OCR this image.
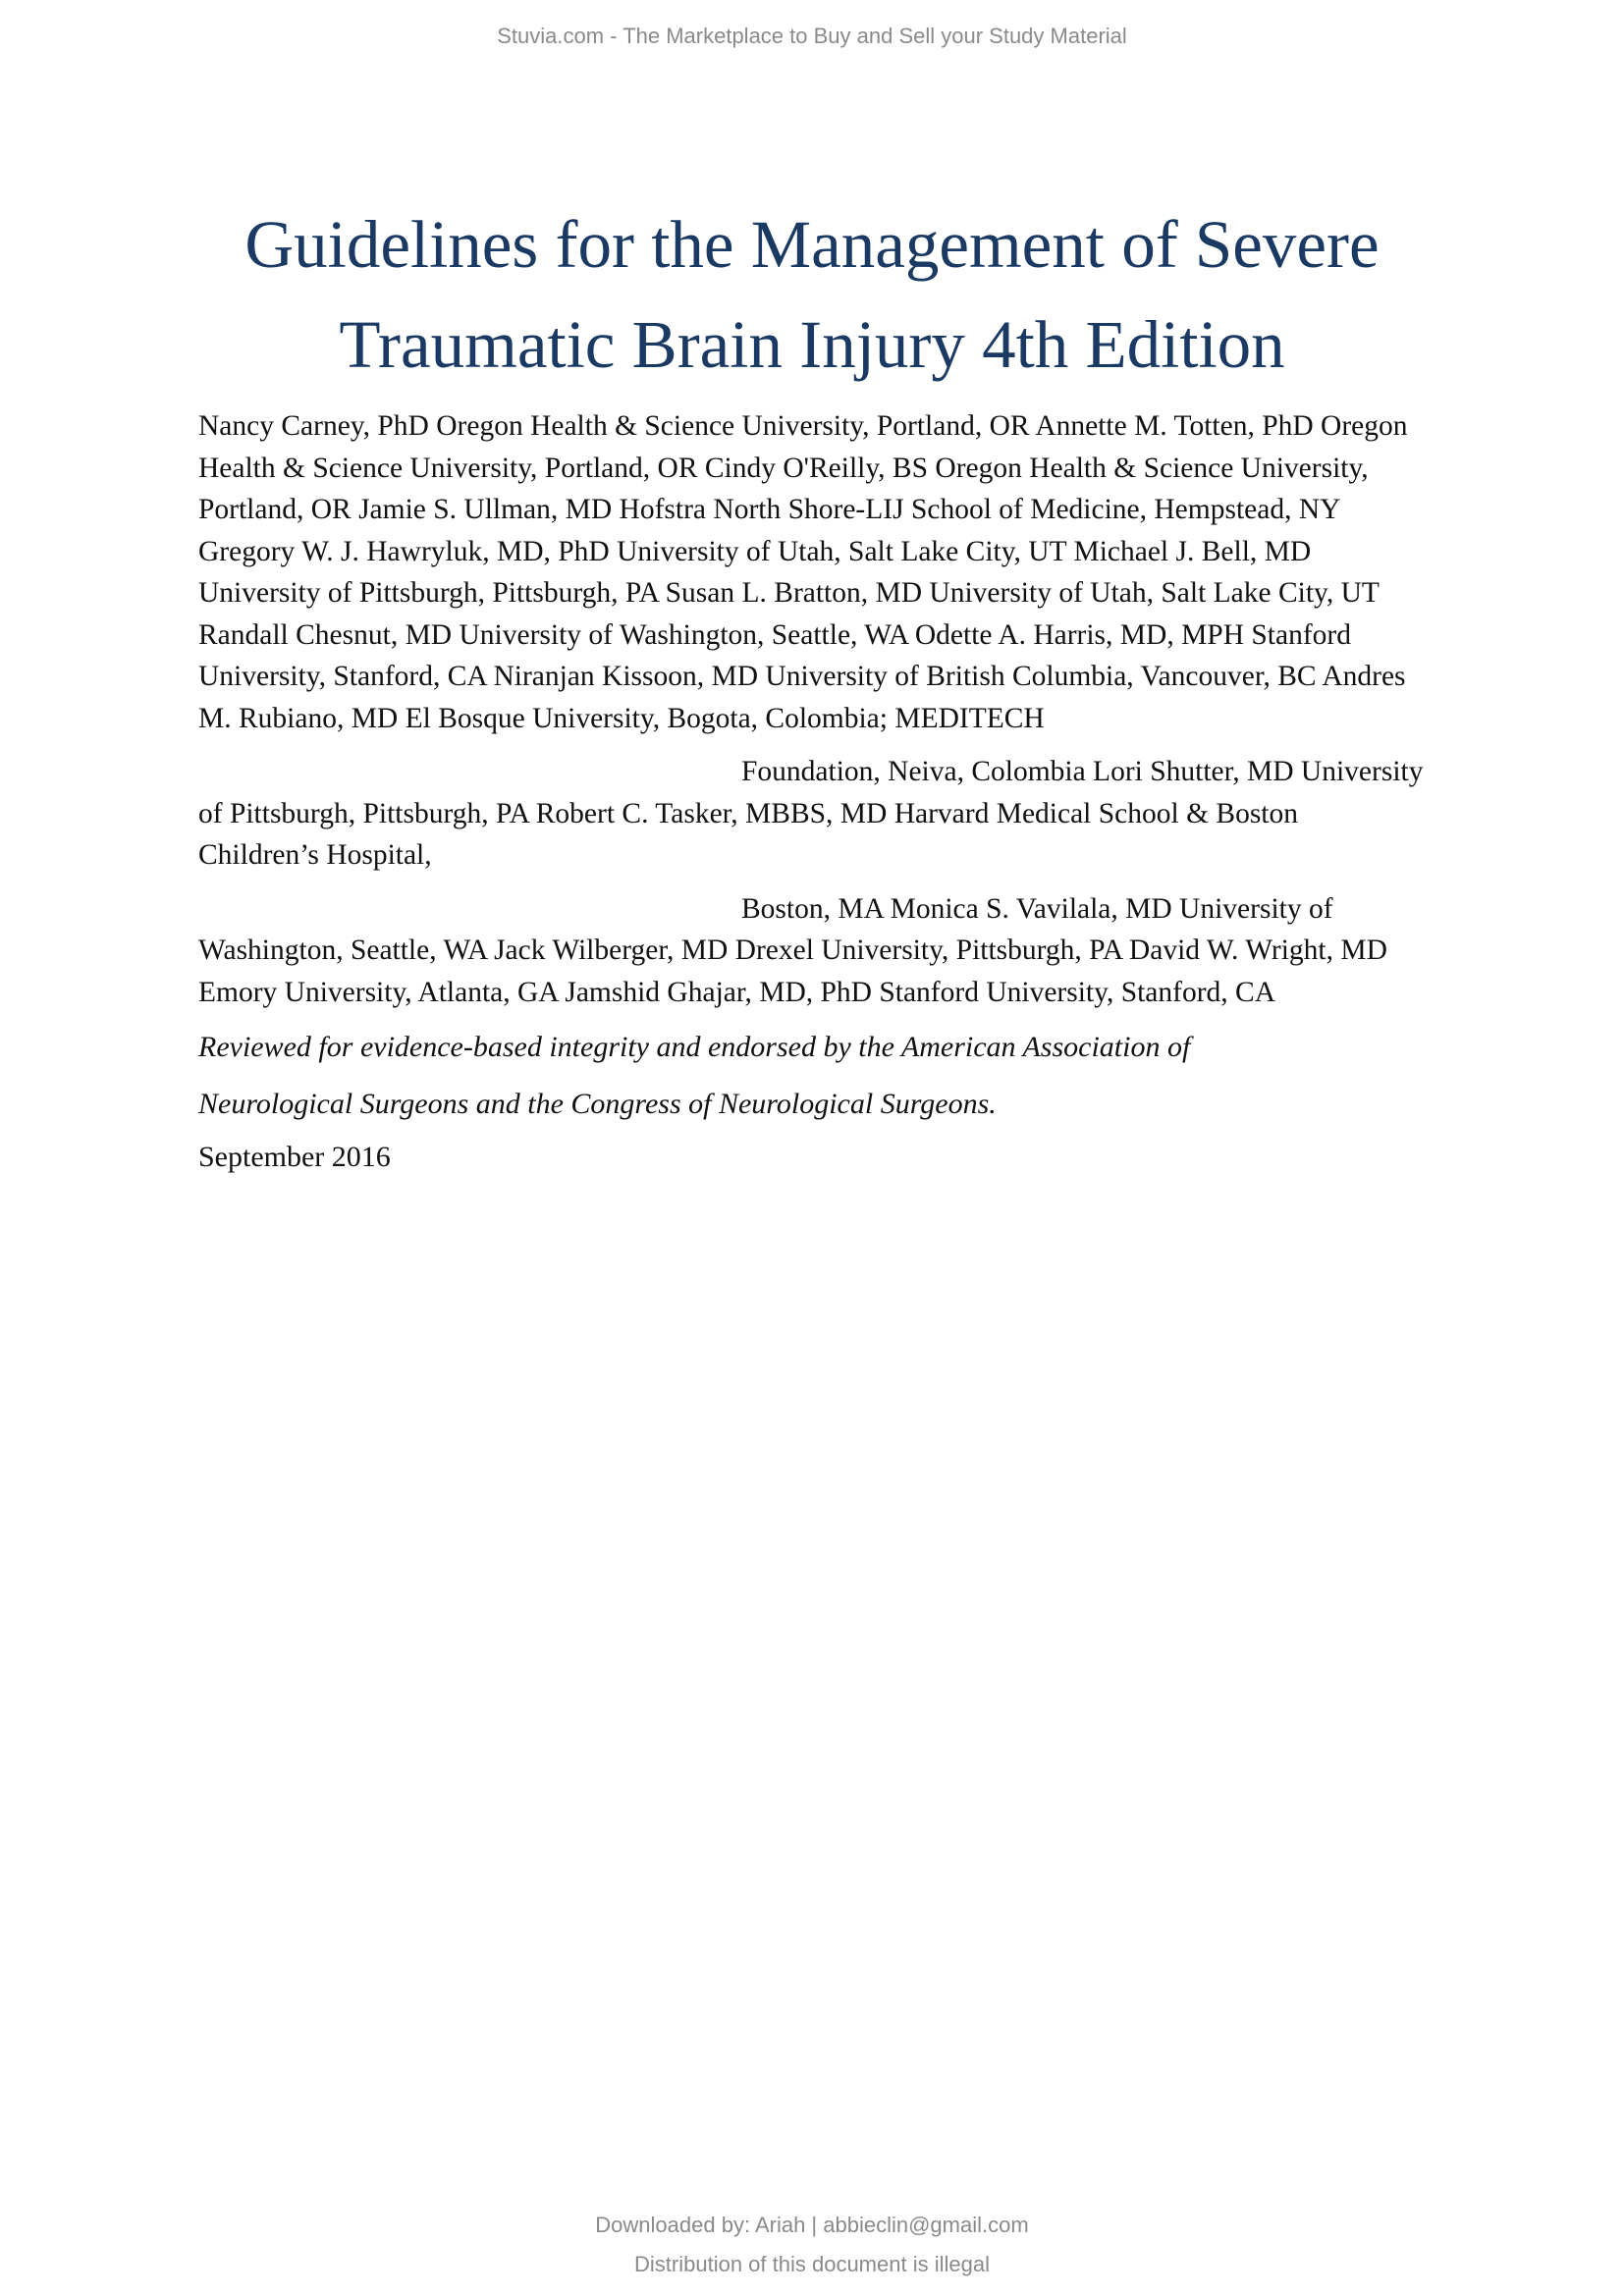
Stuvia.com - The Marketplace to Buy and Sell your Study Material
Guidelines for the Management of Severe
Traumatic Brain Injury 4th Edition
Nancy Carney, PhD Oregon Health & Science University, Portland, OR Annette M. Totten, PhD Oregon
Health & Science University, Portland, OR Cindy O'Reilly, BS Oregon Health & Science University,
Portland, OR Jamie S. Ullman, MD Hofstra North Shore-LIJ School of Medicine, Hempstead, NY
Gregory W. J. Hawryluk, MD, PhD University of Utah, Salt Lake City, UT Michael J. Bell, MD
University of Pittsburgh, Pittsburgh, PA Susan L. Bratton, MD University of Utah, Salt Lake City, UT
Randall Chesnut, MD University of Washington, Seattle, WA Odette A. Harris, MD, MPH Stanford
University, Stanford, CA Niranjan Kissoon, MD University of British Columbia, Vancouver, BC Andres
M. Rubiano, MD El Bosque University, Bogota, Colombia; MEDITECH
Foundation, Neiva, Colombia Lori Shutter, MD University
of Pittsburgh, Pittsburgh, PA Robert C. Tasker, MBBS, MD Harvard Medical School & Boston
Children’s Hospital,
Boston, MA Monica S. Vavilala, MD University of
Washington, Seattle, WA Jack Wilberger, MD Drexel University, Pittsburgh, PA David W. Wright, MD
Emory University, Atlanta, GA Jamshid Ghajar, MD, PhD Stanford University, Stanford, CA
Reviewed for evidence-based integrity and endorsed by the American Association of
Neurological Surgeons and the Congress of Neurological Surgeons.
September 2016
Downloaded by: Ariah | abbieclin@gmail.com
Distribution of this document is illegal
